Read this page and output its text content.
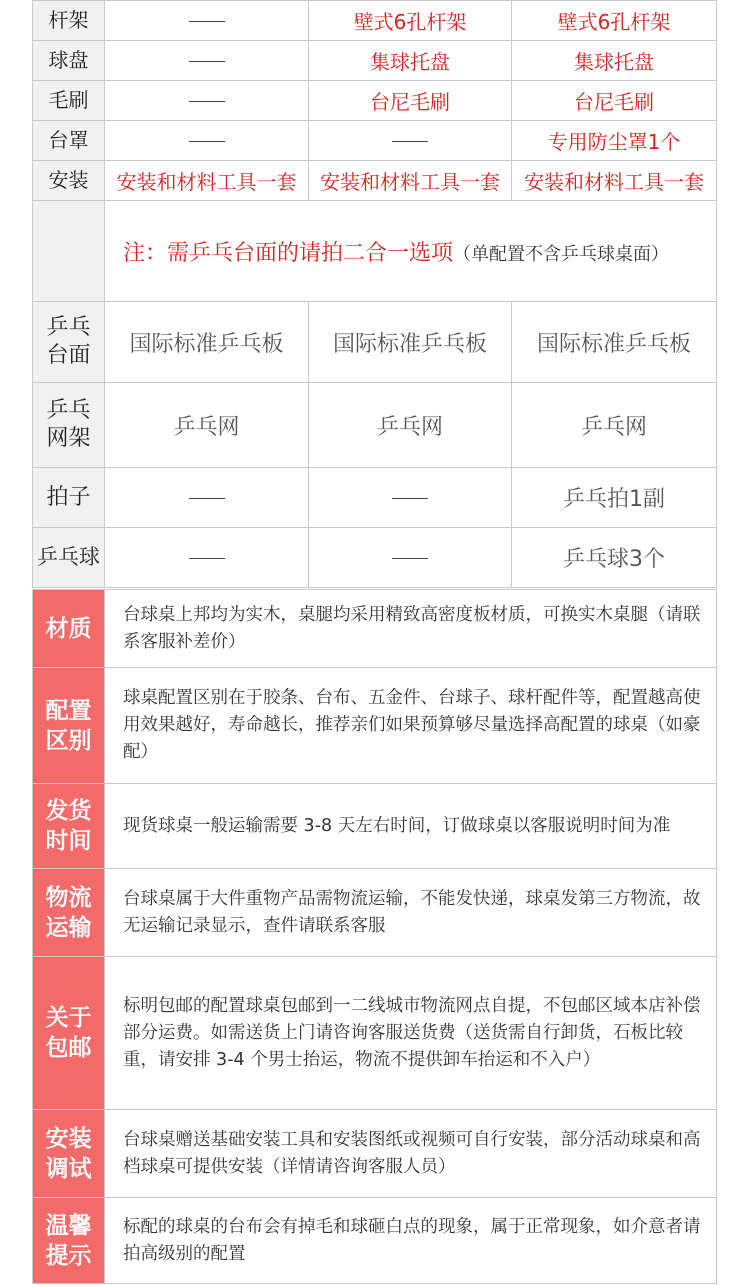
杆架		壁式6孔杆架	壁式6孔杆架
球盘		集球托盘	集球托盘
毛刷		台尼毛刷	台尼毛刷
台罩			专用防尘罩1个
安装	安装和材料工具一套	安装和材料工具一套	安装和材料工具一套
	注：需乒乓台面的请拍二合一选项（单配置不含乒乓球桌面）		

乒乓台面	国际标准乒乓板	国际标准乒乓板	国际标准乒乓板

乒乓网架	乒乓网	乒乓网	乒乓网
拍子			乒乓拍1副
乒乓球			乒乓球3个
材质	台球桌上邦均为实木，桌腿均采用精致高密度板材质，可换实木桌腿（请联系客服补差价）

配置区别	球桌配置区别在于胶条、台布、五金件、台球子、球杆配件等，配置越高使用效果越好，寿命越长，推荐亲们如果预算够尽量选择高配置的球桌（如豪配）

发货时间	现货球桌一般运输需要 3-8 天左右时间，订做球桌以客服说明时间为准

物流运输	台球桌属于大件重物产品需物流运输，不能发快递，球桌发第三方物流，故无运输记录显示，查件请联系客服

关于包邮	标明包邮的配置球桌包邮到一二线城市物流网点自提，不包邮区域本店补偿部分运费。如需送货上门请咨询客服送货费（送货需自行卸货，石板比较重，请安排 3-4 个男士抬运，物流不提供卸车抬运和不入户）

安装调试	台球桌赠送基础安装工具和安装图纸或视频可自行安装，部分活动球桌和高档球桌可提供安装（详情请咨询客服人员）

温馨提示	标配的球桌的台布会有掉毛和球砸白点的现象，属于正常现象，如介意者请拍高级别的配置
